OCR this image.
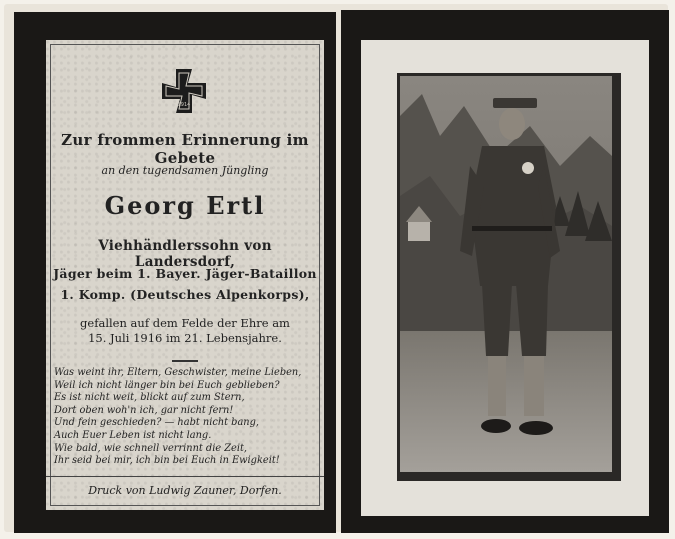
1914
Zur frommen Erinnerung im Gebete
an den tugendsamen Jüngling
Georg Ertl
Viehhändlerssohn von Landersdorf,
Jäger beim 1. Bayer. Jäger-Bataillon
1. Komp. (Deutsches Alpenkorps),
gefallen auf dem Felde der Ehre am
15. Juli 1916 im 21. Lebensjahre.
Was weint ihr, Eltern, Geschwister, meine Lieben,
Weil ich nicht länger bin bei Euch geblieben?
Es ist nicht weit, blickt auf zum Stern,
Dort oben woh'n ich, gar nicht fern!
Und fein geschieden? — habt nicht bang,
Auch Euer Leben ist nicht lang.
Wie bald, wie schnell verrinnt die Zeit,
Ihr seid bei mir, ich bin bei Euch in Ewigkeit!
Druck von Ludwig Zauner, Dorfen.
